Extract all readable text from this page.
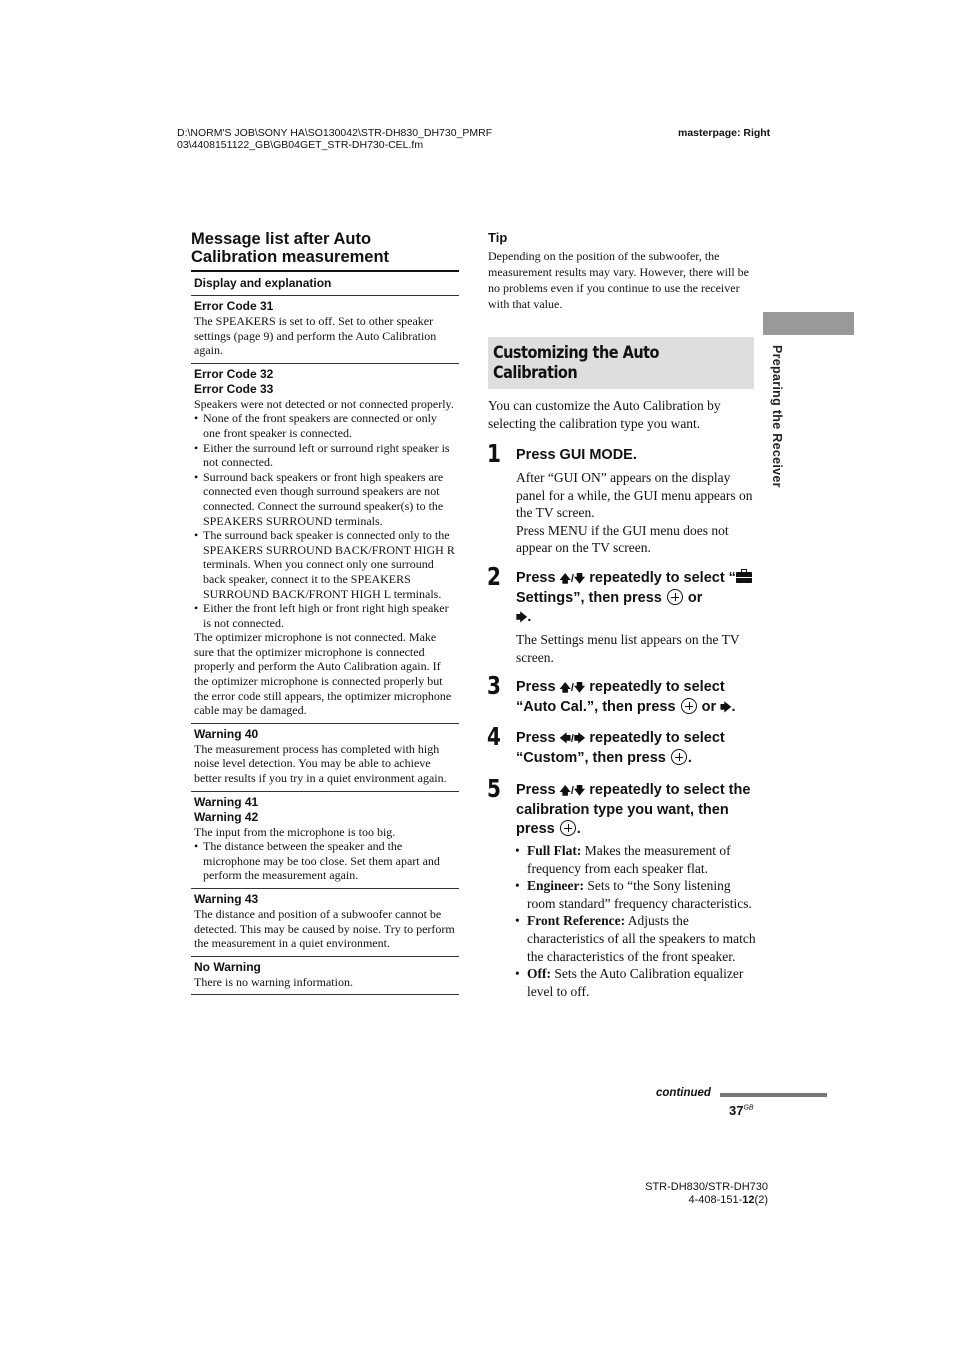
D:\NORM'S JOB\SONY HA\SO130042\STR-DH830_DH730_PMRF
03\4408151122_GB\GB04GET_STR-DH730-CEL.fm
masterpage: Right
Message list after Auto Calibration measurement
Display and explanation
Error Code 31
The SPEAKERS is set to off. Set to other speaker settings (page 9) and perform the Auto Calibration again.
Error Code 32
Error Code 33
Speakers were not detected or not connected properly.
• None of the front speakers are connected or only one front speaker is connected.
• Either the surround left or surround right speaker is not connected.
• Surround back speakers or front high speakers are connected even though surround speakers are not connected. Connect the surround speaker(s) to the SPEAKERS SURROUND terminals.
• The surround back speaker is connected only to the SPEAKERS SURROUND BACK/FRONT HIGH R terminals. When you connect only one surround back speaker, connect it to the SPEAKERS SURROUND BACK/FRONT HIGH L terminals.
• Either the front left high or front right high speaker is not connected.
The optimizer microphone is not connected. Make sure that the optimizer microphone is connected properly and perform the Auto Calibration again. If the optimizer microphone is connected properly but the error code still appears, the optimizer microphone cable may be damaged.
Warning 40
The measurement process has completed with high noise level detection. You may be able to achieve better results if you try in a quiet environment again.
Warning 41
Warning 42
The input from the microphone is too big.
• The distance between the speaker and the microphone may be too close. Set them apart and perform the measurement again.
Warning 43
The distance and position of a subwoofer cannot be detected. This may be caused by noise. Try to perform the measurement in a quiet environment.
No Warning
There is no warning information.
Tip
Depending on the position of the subwoofer, the measurement results may vary. However, there will be no problems even if you continue to use the receiver with that value.
Customizing the Auto
Calibration
You can customize the Auto Calibration by selecting the calibration type you want.
1 Press GUI MODE.

After “GUI ON” appears on the display panel for a while, the GUI menu appears on the TV screen.

Press MENU if the GUI menu does not appear on the TV screen.

2 Press 🡅/🡇 repeatedly to select “
Settings”, then press  or
🡆.
The Settings menu list appears on the TV screen.
3 Press 🡅/🡇 repeatedly to select “Auto Cal.”, then press  or 🡆.
4 Press 🡄/🡆 repeatedly to select “Custom”, then press .
5 Press 🡅/🡇 repeatedly to select the calibration type you want, then press .
• Full Flat: Makes the measurement of frequency from each speaker flat.
• Engineer: Sets to “the Sony listening room standard” frequency characteristics.
• Front Reference: Adjusts the characteristics of all the speakers to match the characteristics of the front speaker.
• Off: Sets the Auto Calibration equalizer level to off.
Preparing the Receiver
continued
$37^{GB}$
STR-DH830/STR-DH730
4-408-151-12(2)
